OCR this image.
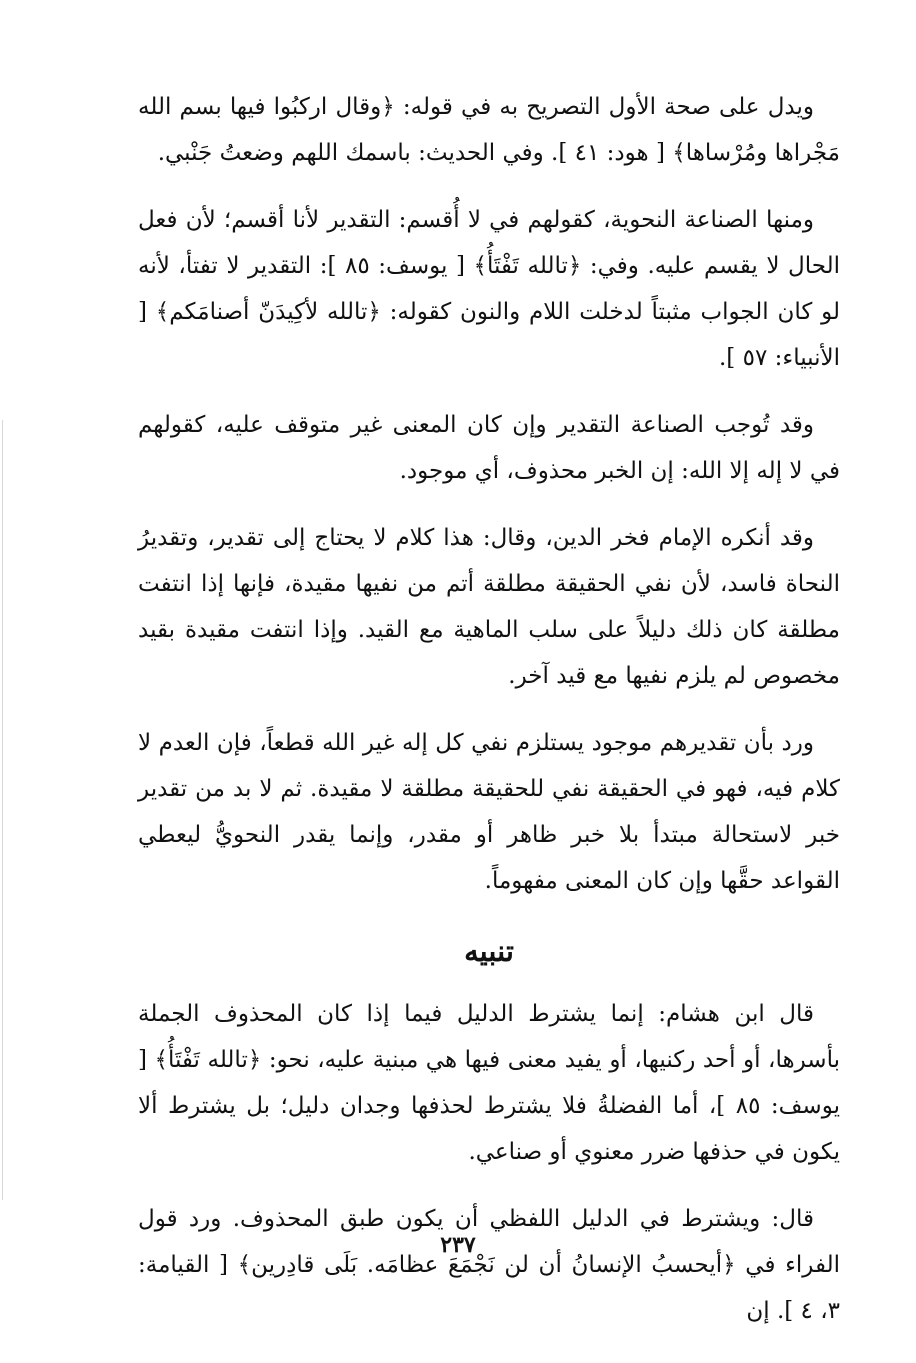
ويدل على صحة الأول التصريح به في قوله: ﴿وقال اركبُوا فيها بسم الله مَجْراها ومُرْساها﴾ [ هود: ٤١ ]. وفي الحديث: باسمك اللهم وضعتُ جَنْبي.

ومنها الصناعة النحوية، كقولهم في لا أُقسم: التقدير لأنا أقسم؛ لأن فعل الحال لا يقسم عليه. وفي: ﴿تالله تَفْتَأُ﴾ [ يوسف: ٨٥ ]: التقدير لا تفتأ، لأنه لو كان الجواب مثبتاً لدخلت اللام والنون كقوله: ﴿تالله لأكِيدَنّ أصنامَكم﴾ [ الأنبياء: ٥٧ ].

وقد تُوجب الصناعة التقدير وإن كان المعنى غير متوقف عليه، كقولهم في لا إله إلا الله: إن الخبر محذوف، أي موجود.

وقد أنكره الإمام فخر الدين، وقال: هذا كلام لا يحتاج إلى تقدير، وتقديرُ النحاة فاسد، لأن نفي الحقيقة مطلقة أتم من نفيها مقيدة، فإنها إذا انتفت مطلقة كان ذلك دليلاً على سلب الماهية مع القيد. وإذا انتفت مقيدة بقيد مخصوص لم يلزم نفيها مع قيد آخر.

ورد بأن تقديرهم موجود يستلزم نفي كل إله غير الله قطعاً، فإن العدم لا كلام فيه، فهو في الحقيقة نفي للحقيقة مطلقة لا مقيدة. ثم لا بد من تقدير خبر لاستحالة مبتدأ بلا خبر ظاهر أو مقدر، وإنما يقدر النحويُّ ليعطي القواعد حقَّها وإن كان المعنى مفهوماً.

تنبيه

قال ابن هشام: إنما يشترط الدليل فيما إذا كان المحذوف الجملة بأسرها، أو أحد ركنيها، أو يفيد معنى فيها هي مبنية عليه، نحو: ﴿تالله تَفْتَأُ﴾ [ يوسف: ٨٥ ]، أما الفضلةُ فلا يشترط لحذفها وجدان دليل؛ بل يشترط ألا يكون في حذفها ضرر معنوي أو صناعي.

قال: ويشترط في الدليل اللفظي أن يكون طبق المحذوف. ورد قول الفراء في ﴿أيحسبُ الإنسانُ أن لن نَجْمَعَ عظامَه. بَلَى قادِرين﴾ [ القيامة: ٣، ٤ ]. إن

٢٣٧
